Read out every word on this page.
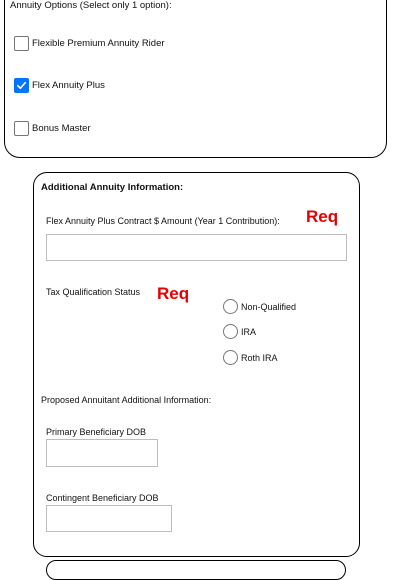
Annuity Options (Select only 1 option):
Flexible Premium Annuity Rider
Flex Annuity Plus
Bonus Master
Additional Annuity Information:
Flex Annuity Plus Contract $ Amount (Year 1 Contribution): Req
Tax Qualification Status Req
Non-Qualified
IRA
Roth IRA
Proposed Annuitant Additional Information:
Primary Beneficiary DOB
Contingent Beneficiary DOB
